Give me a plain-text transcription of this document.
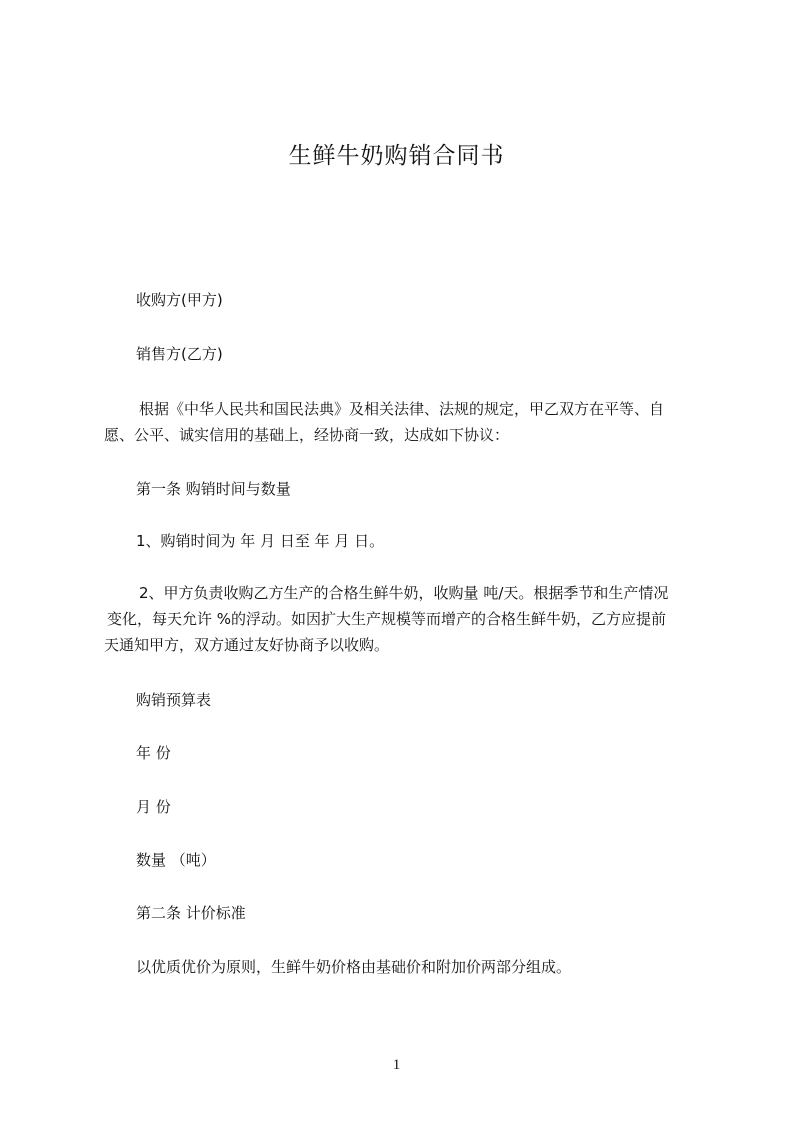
生鲜牛奶购销合同书
收购方(甲方)
销售方(乙方)
根据《中华人民共和国民法典》及相关法律、法规的规定，甲乙双方在平等、自
愿、公平、诚实信用的基础上，经协商一致，达成如下协议：
第一条 购销时间与数量
1、购销时间为 年 月 日至 年 月 日。
2、甲方负责收购乙方生产的合格生鲜牛奶，收购量 吨/天。根据季节和生产情况
变化，每天允许 %的浮动。如因扩大生产规模等而增产的合格生鲜牛奶，乙方应提前
天通知甲方，双方通过友好协商予以收购。
购销预算表
年 份
月 份
数量 （吨）
第二条 计价标准
以优质优价为原则，生鲜牛奶价格由基础价和附加价两部分组成。
1
